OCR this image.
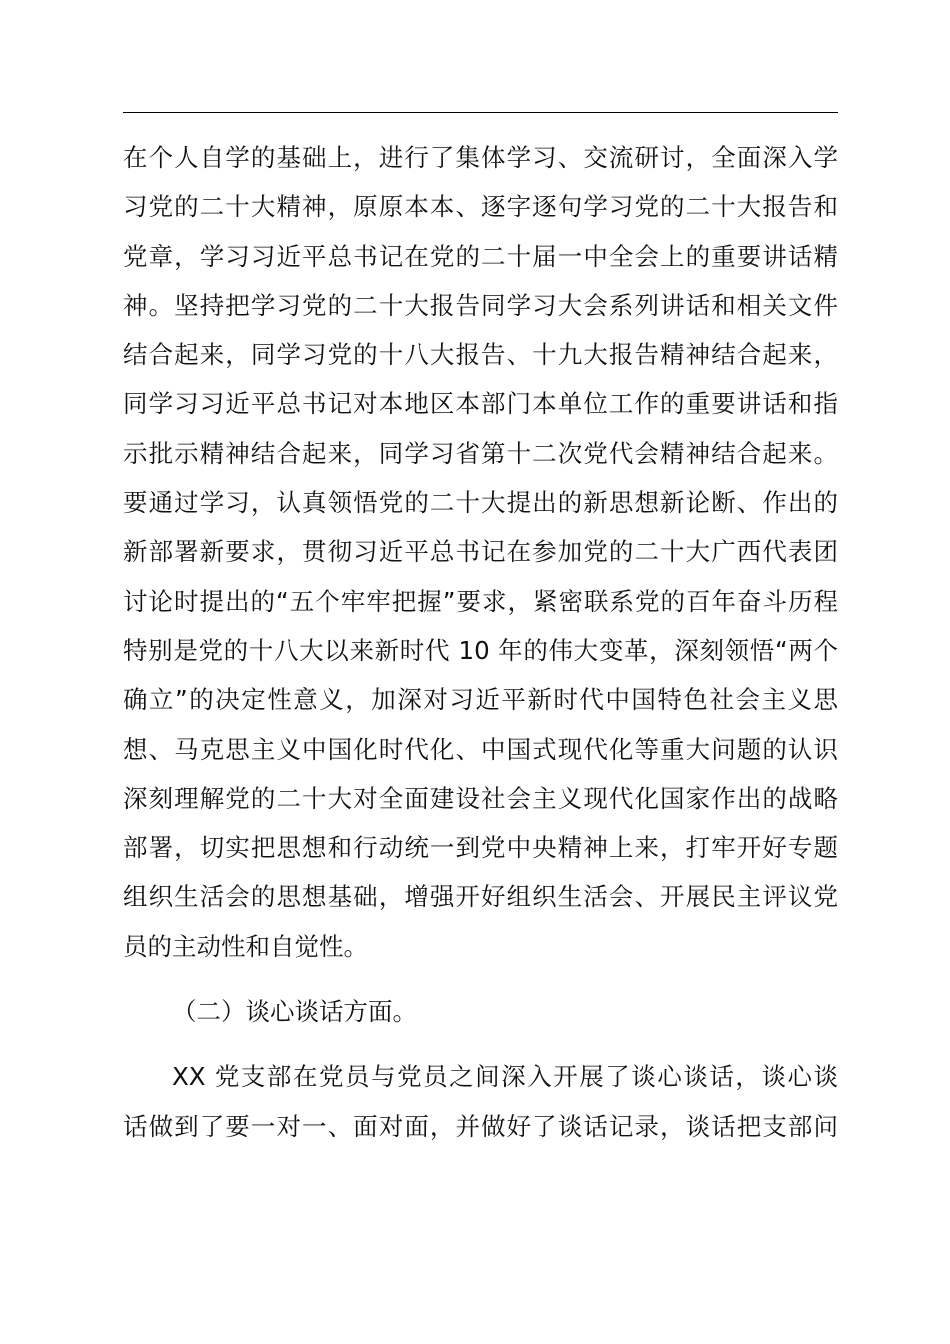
在个人自学的基础上，进行了集体学习、交流研讨，全面深入学
习党的二十大精神，原原本本、逐字逐句学习党的二十大报告和
党章，学习习近平总书记在党的二十届一中全会上的重要讲话精
神。坚持把学习党的二十大报告同学习大会系列讲话和相关文件
结合起来，同学习党的十八大报告、十九大报告精神结合起来，
同学习习近平总书记对本地区本部门本单位工作的重要讲话和指
示批示精神结合起来，同学习省第十二次党代会精神结合起来。
要通过学习，认真领悟党的二十大提出的新思想新论断、作出的
新部署新要求，贯彻习近平总书记在参加党的二十大广西代表团
讨论时提出的“五个牢牢把握”要求，紧密联系党的百年奋斗历程
特别是党的十八大以来新时代 10 年的伟大变革，深刻领悟“两个
确立”的决定性意义，加深对习近平新时代中国特色社会主义思
想、马克思主义中国化时代化、中国式现代化等重大问题的认识
深刻理解党的二十大对全面建设社会主义现代化国家作出的战略
部署，切实把思想和行动统一到党中央精神上来，打牢开好专题
组织生活会的思想基础，增强开好组织生活会、开展民主评议党
员的主动性和自觉性。
（二）谈心谈话方面。
XX 党支部在党员与党员之间深入开展了谈心谈话，谈心谈
话做到了要一对一、面对面，并做好了谈话记录，谈话把支部问
